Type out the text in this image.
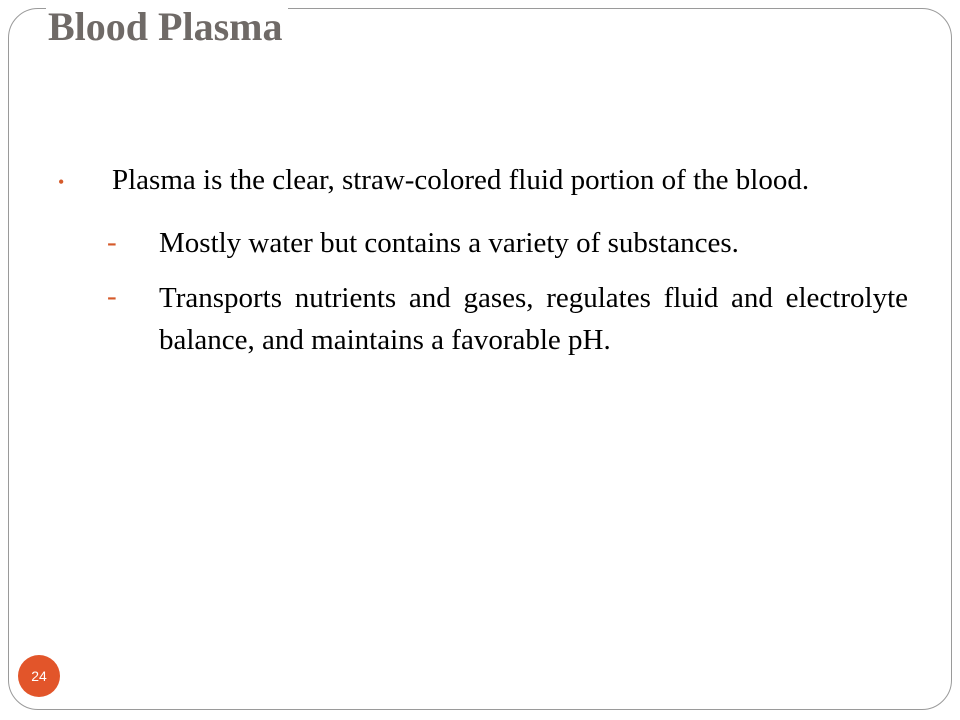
Blood Plasma
•	Plasma is the clear, straw-colored fluid portion of the blood.
-	Mostly water but contains a variety of substances.
-	Transports nutrients and gases, regulates fluid and electrolyte balance, and maintains a favorable pH.
24
